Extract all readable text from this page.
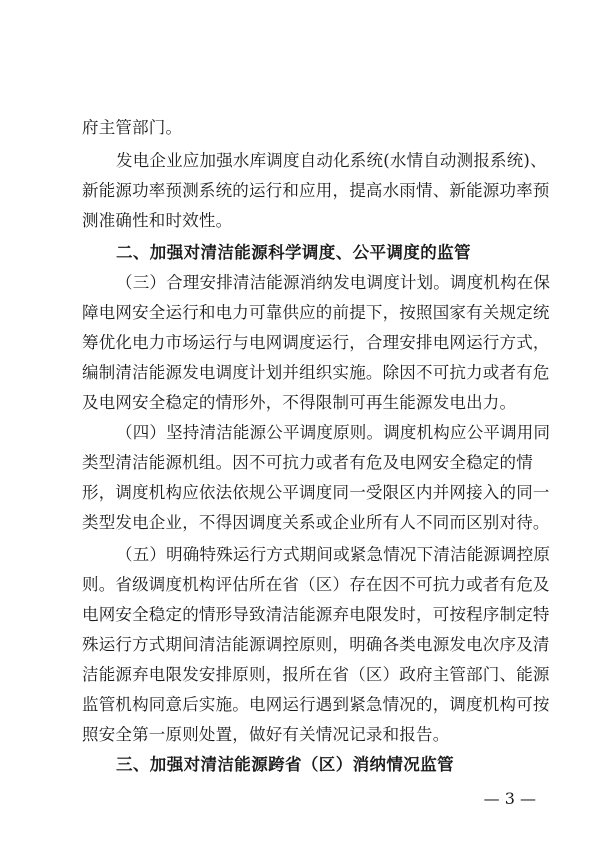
府主管部门。
发电企业应加强水库调度自动化系统(水情自动测报系统)、
新能源功率预测系统的运行和应用，提高水雨情、新能源功率预
测准确性和时效性。
二、加强对清洁能源科学调度、公平调度的监管
（三）合理安排清洁能源消纳发电调度计划。调度机构在保
障电网安全运行和电力可靠供应的前提下，按照国家有关规定统
筹优化电力市场运行与电网调度运行，合理安排电网运行方式，
编制清洁能源发电调度计划并组织实施。除因不可抗力或者有危
及电网安全稳定的情形外，不得限制可再生能源发电出力。
（四）坚持清洁能源公平调度原则。调度机构应公平调用同
类型清洁能源机组。因不可抗力或者有危及电网安全稳定的情
形，调度机构应依法依规公平调度同一受限区内并网接入的同一
类型发电企业，不得因调度关系或企业所有人不同而区别对待。
（五）明确特殊运行方式期间或紧急情况下清洁能源调控原
则。省级调度机构评估所在省（区）存在因不可抗力或者有危及
电网安全稳定的情形导致清洁能源弃电限发时，可按程序制定特
殊运行方式期间清洁能源调控原则，明确各类电源发电次序及清
洁能源弃电限发安排原则，报所在省（区）政府主管部门、能源
监管机构同意后实施。电网运行遇到紧急情况的，调度机构可按
照安全第一原则处置，做好有关情况记录和报告。
三、加强对清洁能源跨省（区）消纳情况监管
— 3 —
